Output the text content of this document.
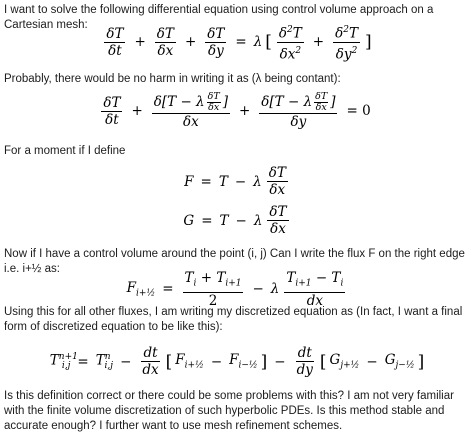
I want to solve the following differential equation using control volume approach on a Cartesian mesh:

$\frac{\delta T}{\delta t} + \frac{\delta T}{\delta x} + \frac{\delta T}{\delta y} = \lambda$ [ $\frac{\delta^2T}{\delta x^2} + \frac{\delta^2T}{\delta y^2}$ ]

Probably, there would be no harm in writing it as (λ being contant):

$\frac{\delta T}{\delta t} + \frac{\delta[T - \lambda \frac{\delta T}{\delta x} ]}{\delta x} + \frac{\delta[T - \lambda \frac{\delta T}{\delta x} ]}{\delta y} = 0$

For a moment if I define

F = T − λ $\frac{\delta T}{\delta x}$
G = T − λ $\frac{\delta T}{\delta x}$

Now if I have a control volume around the point (i, j) Can I write the flux F on the right edge i.e. i+½ as:

$F_{i+\frac{1}{2}} = \frac{T_i + T_{i+1}}{2} - \lambda \frac{T_{i+1} - T_i}{dx}$

Using this for all other fluxes, I am writing my discretized equation as (In fact, I want a final form of discretized equation to be like this):

$T^{n+1}_{i,j} = T^n_{i,j} - \frac{dt}{dx}$ [ $F_{i+\frac{1}{2}} - F_{i-\frac{1}{2}}$ ] − $\frac{dt}{dy}$ [ $G_{j+\frac{1}{2}} - G_{j-\frac{1}{2}}$ ]

Is this definition correct or there could be some problems with this? I am not very familiar with the finite volume discretization of such hyperbolic PDEs. Is this method stable and accurate enough? I further want to use mesh refinement schemes.
